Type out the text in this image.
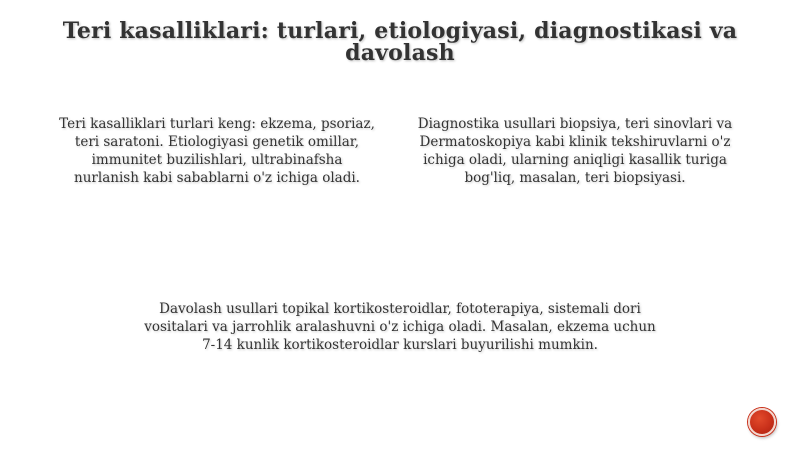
Teri kasalliklari: turlari, etiologiyasi, diagnostikasi va davolash
Teri kasalliklari turlari keng: ekzema, psoriaz, teri saratoni. Etiologiyasi genetik omillar, immunitet buzilishlari, ultrabinafsha nurlanish kabi sabablarni o'z ichiga oladi.
Diagnostika usullari biopsiya, teri sinovlari va Dermatoskopiya kabi klinik tekshiruvlarni o'z ichiga oladi, ularning aniqligi kasallik turiga bog'liq, masalan, teri biopsiyasi.
Davolash usullari topikal kortikosteroidlar, fototerapiya, sistemali dori vositalari va jarrohlik aralashuvni o'z ichiga oladi. Masalan, ekzema uchun 7-14 kunlik kortikosteroidlar kurslari buyurilishi mumkin.
